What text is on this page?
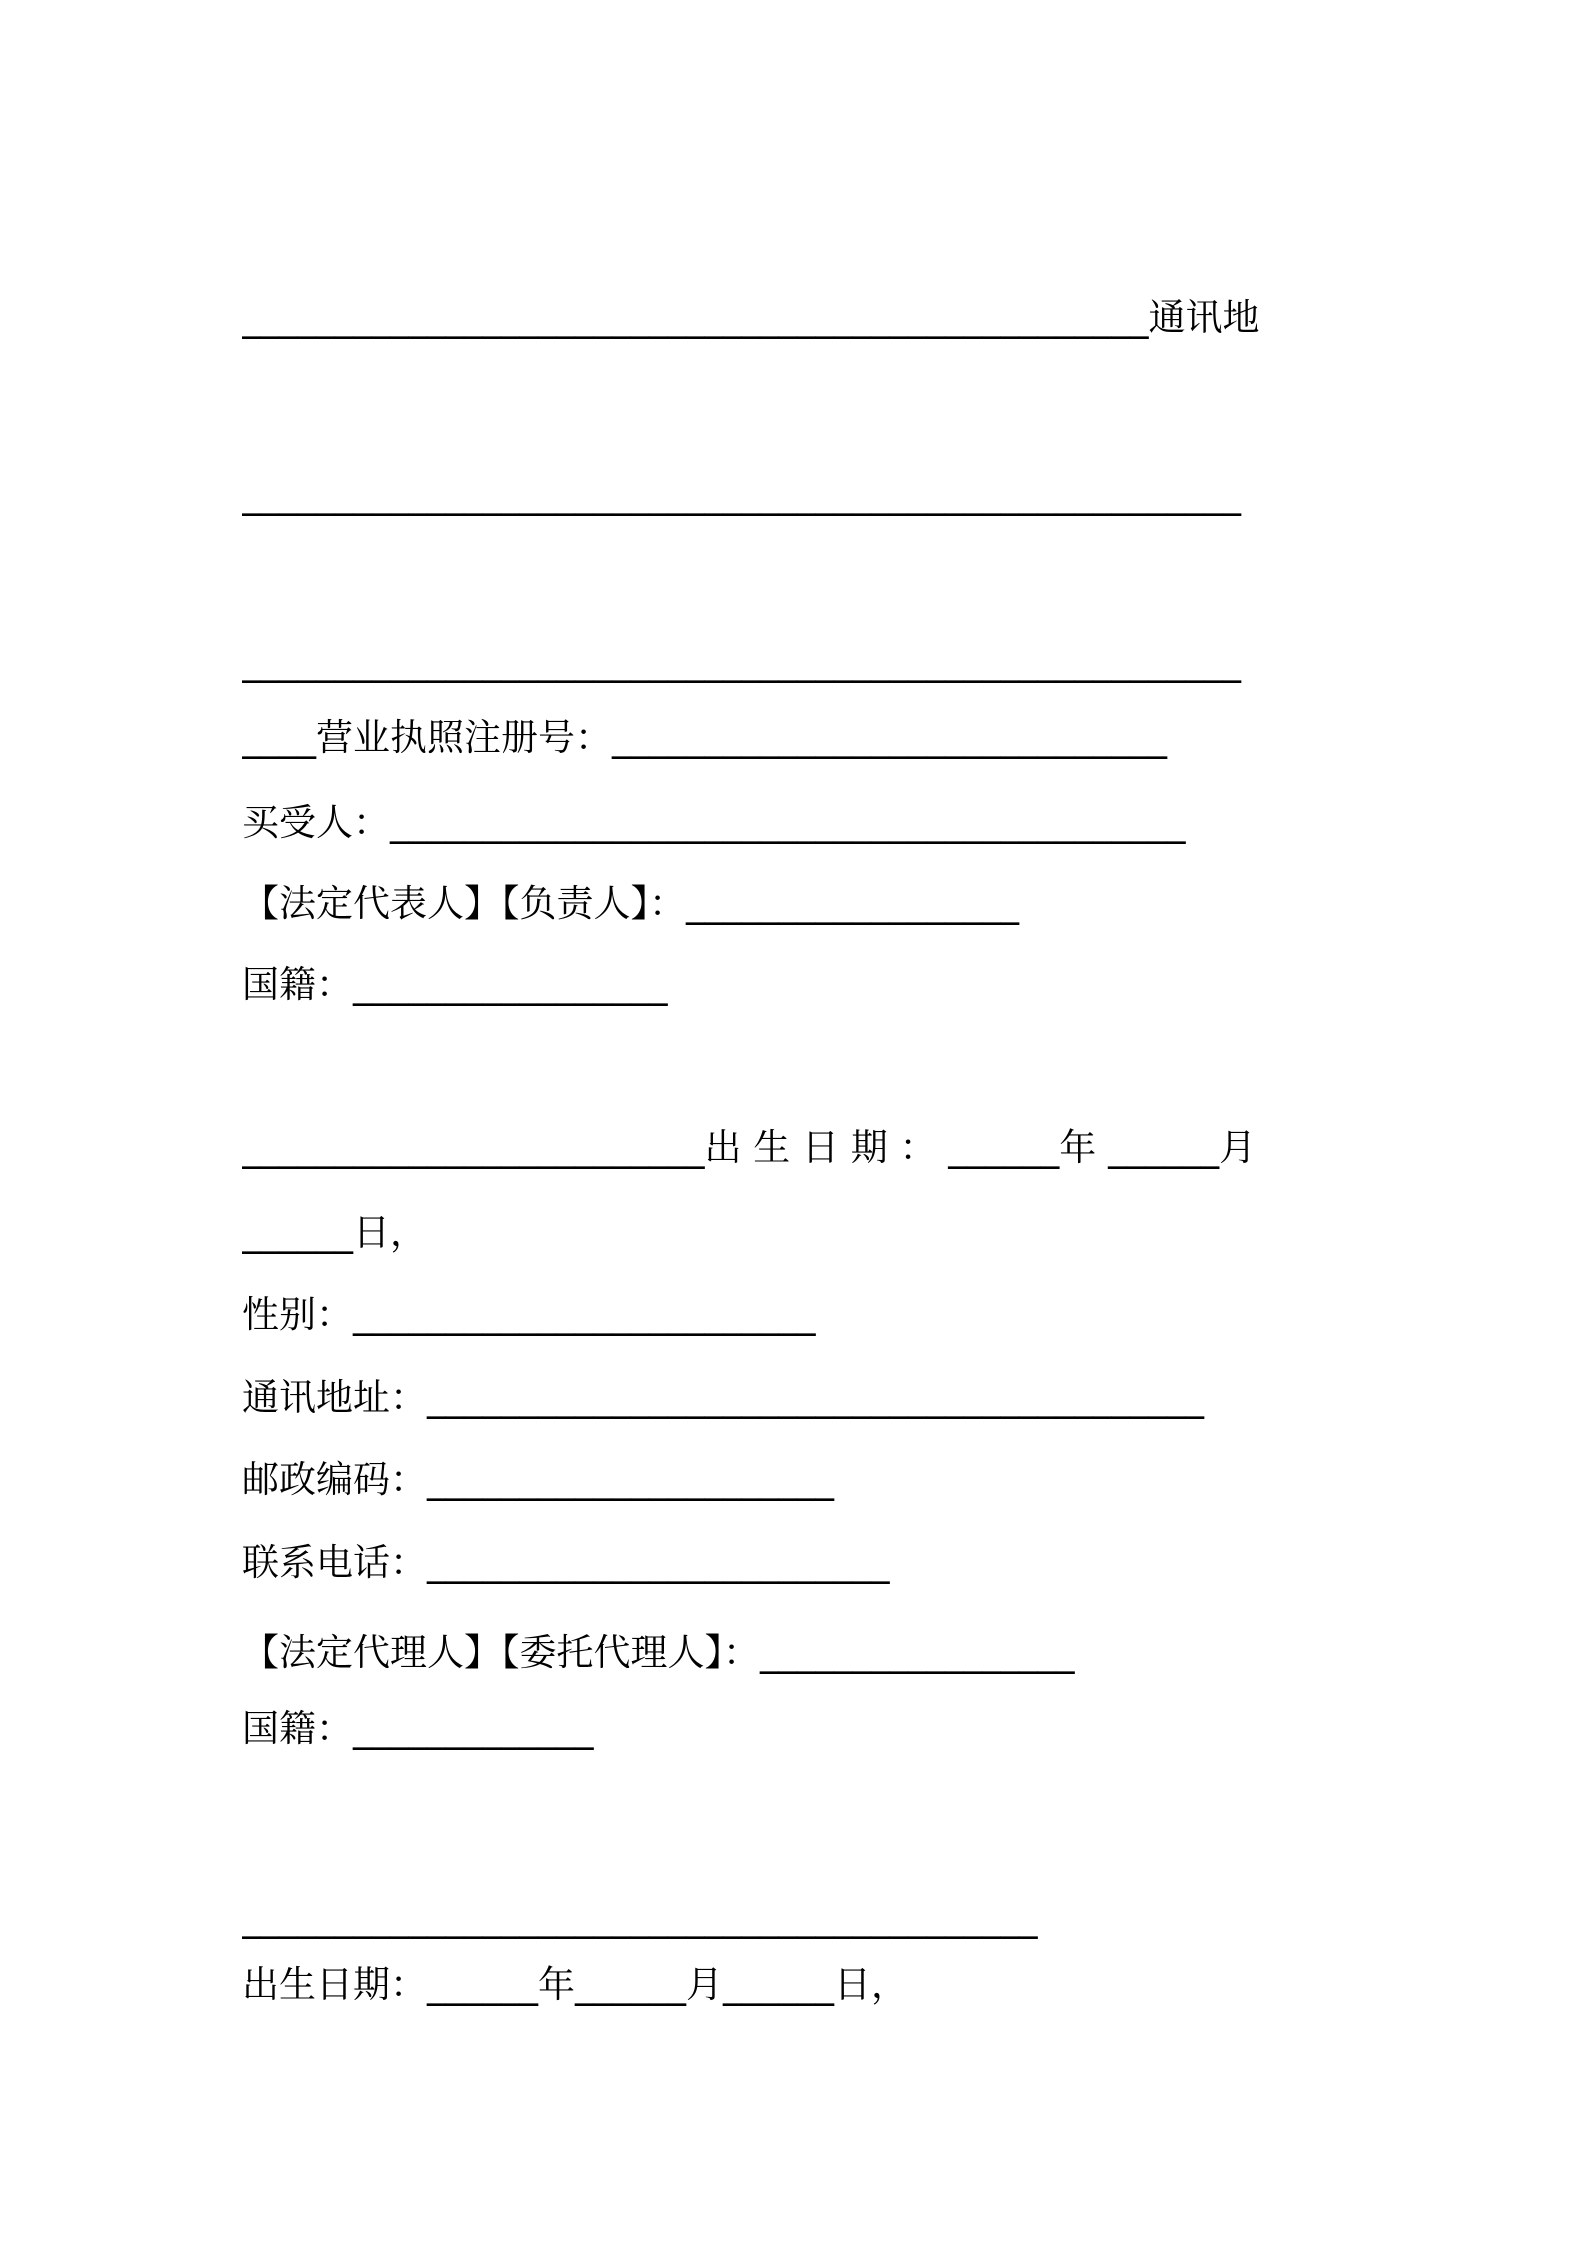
_________________________________________________通讯地

______________________________________________________

______________________________________________________
____营业执照注册号：______________________________
买受人：___________________________________________
【法定代表人】【负责人】：__________________
国籍：_________________

_________________________出 生 日 期 ： ______年 ______月
______日，
性别：_________________________
通讯地址：__________________________________________
邮政编码：______________________
联系电话：_________________________
【法定代理人】【委托代理人】：_________________
国籍：_____________

___________________________________________
出生日期：______年______月______日，
